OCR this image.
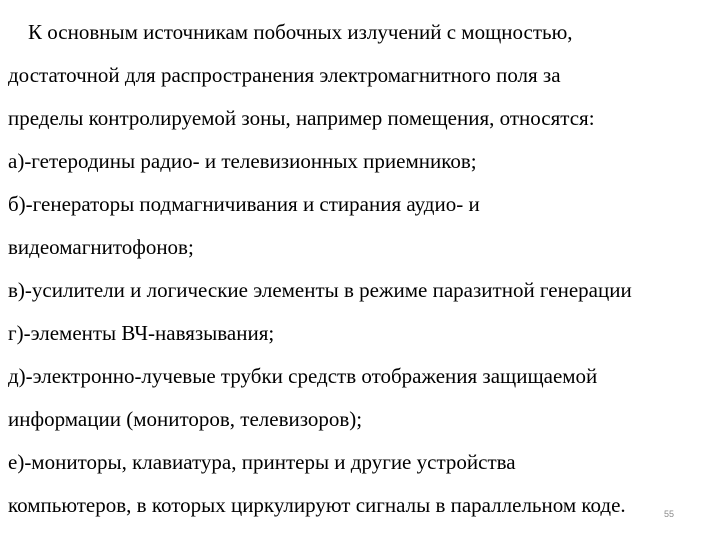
К основным источникам побочных излучений с мощностью,
достаточной для распространения электромагнитного поля за
пределы контролируемой зоны, например помещения, относятся:
а)-гетеродины радио- и телевизионных приемников;
б)-генераторы подмагничивания и стирания аудио- и
видеомагнитофонов;
в)-усилители и логические элементы в режиме паразитной генерации
г)-элементы ВЧ-навязывания;
д)-электронно-лучевые трубки средств отображения защищаемой
информации (мониторов, телевизоров);
е)-мониторы, клавиатура, принтеры и другие устройства
компьютеров, в которых циркулируют сигналы в параллельном коде.	55
